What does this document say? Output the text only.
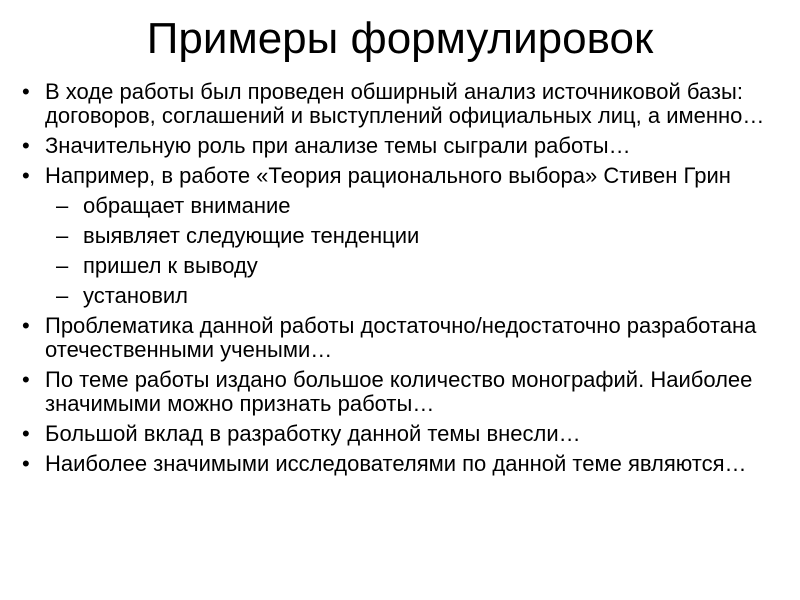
Примеры формулировок
• В ходе работы был проведен обширный анализ источниковой базы: договоров, соглашений и выступлений официальных лиц, а именно…
• Значительную роль при анализе темы сыграли работы…
• Например, в работе «Теория рационального выбора» Стивен Грин
– обращает внимание
– выявляет следующие тенденции
– пришел к выводу
– установил
• Проблематика данной работы достаточно/недостаточно разработана отечественными учеными…
• По теме работы издано большое количество монографий. Наиболее значимыми можно признать работы…
• Большой вклад в разработку данной темы внесли…
• Наиболее значимыми исследователями по данной теме являются…
